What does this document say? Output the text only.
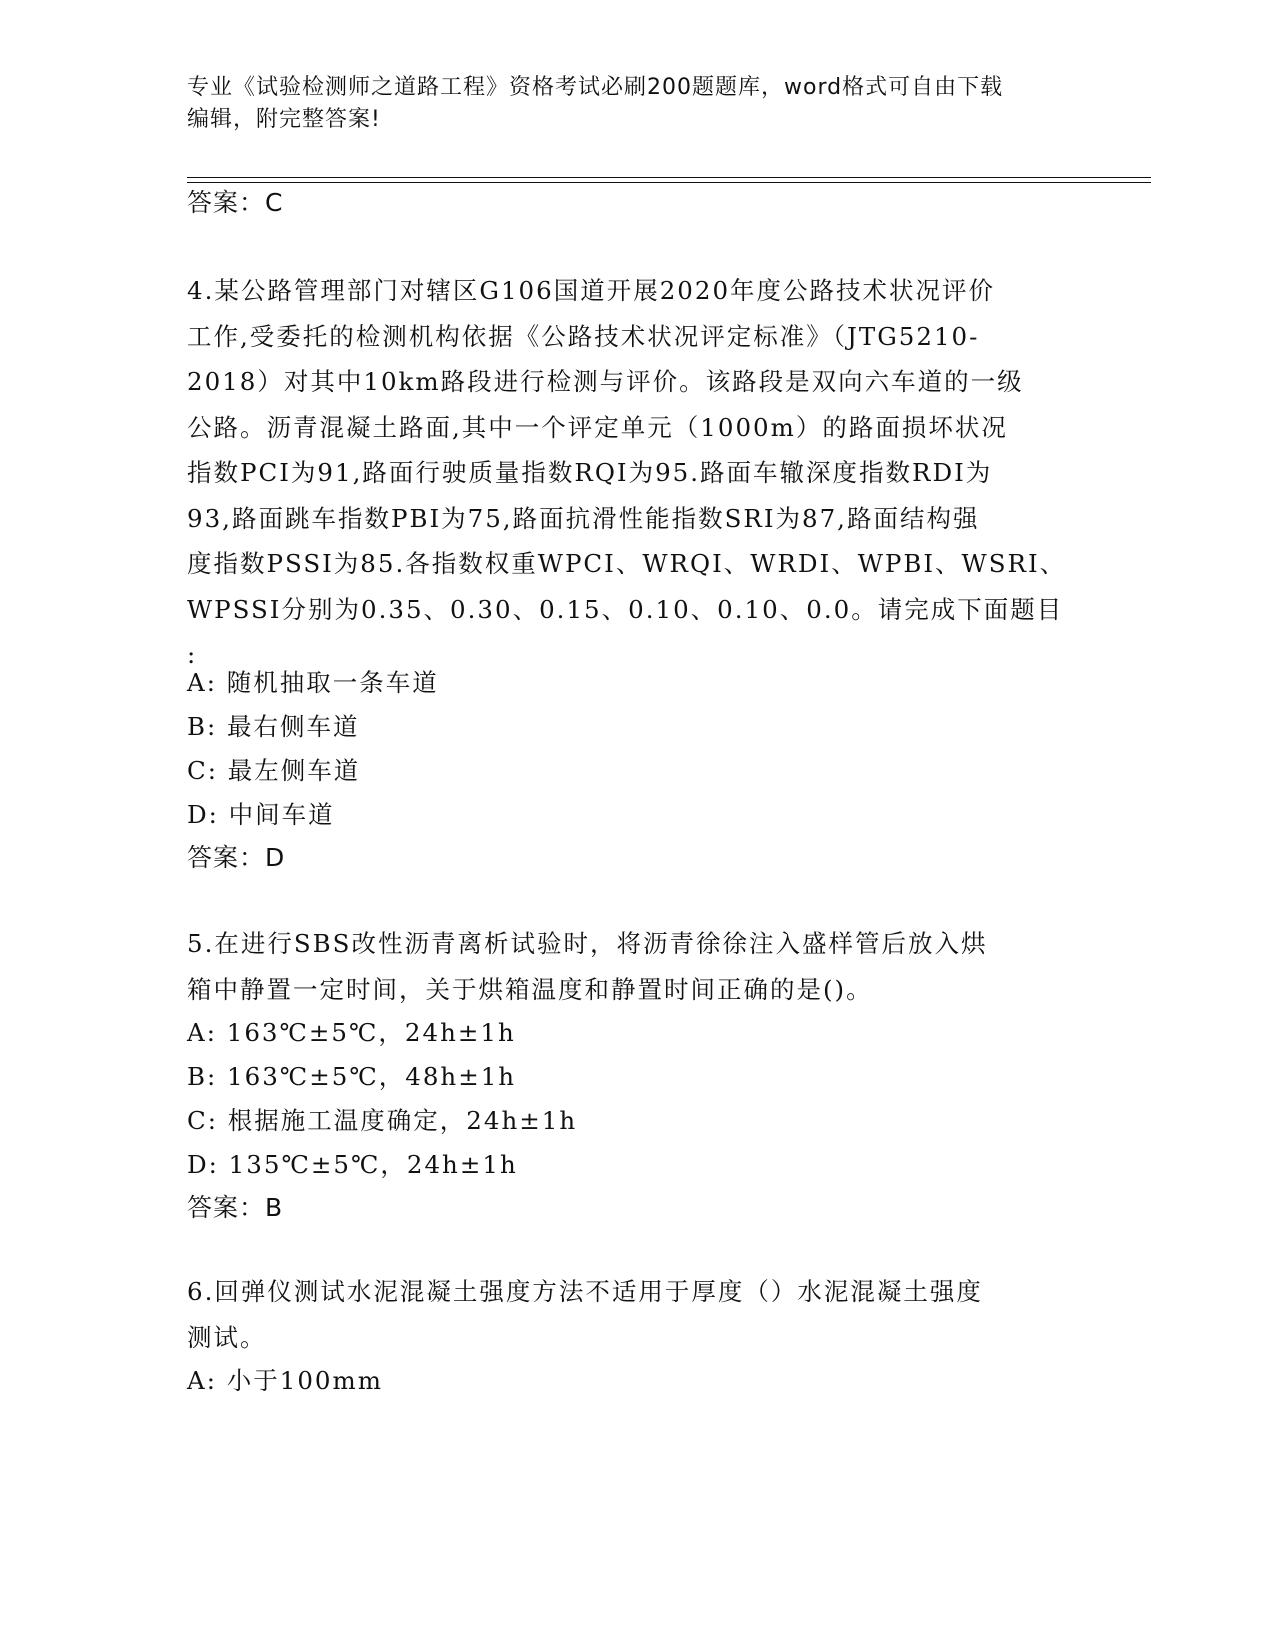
专业《试验检测师之道路工程》资格考试必刷200题题库，word格式可自由下载
编辑，附完整答案!
答案：C
4.某公路管理部门对辖区G106国道开展2020年度公路技术状况评价
工作,受委托的检测机构依据《公路技术状况评定标准》（JTG5210-
2018）对其中10km路段进行检测与评价。该路段是双向六车道的一级
公路。沥青混凝土路面,其中一个评定单元（1000m）的路面损坏状况
指数PCI为91,路面行驶质量指数RQI为95.路面车辙深度指数RDI为
93,路面跳车指数PBI为75,路面抗滑性能指数SRI为87,路面结构强
度指数PSSI为85.各指数权重WPCI、WRQI、WRDI、WPBI、WSRI、
WPSSI分别为0.35、0.30、0.15、0.10、0.10、0.0。请完成下面题目
:
A: 随机抽取一条车道
B: 最右侧车道
C: 最左侧车道
D: 中间车道
答案：D
5.在进行SBS改性沥青离析试验时，将沥青徐徐注入盛样管后放入烘
箱中静置一定时间，关于烘箱温度和静置时间正确的是()。
A: 163℃±5℃，24h±1h
B: 163℃±5℃，48h±1h
C: 根据施工温度确定，24h±1h
D: 135℃±5℃，24h±1h
答案：B
6.回弹仪测试水泥混凝土强度方法不适用于厚度（）水泥混凝土强度
测试。
A: 小于100mm
